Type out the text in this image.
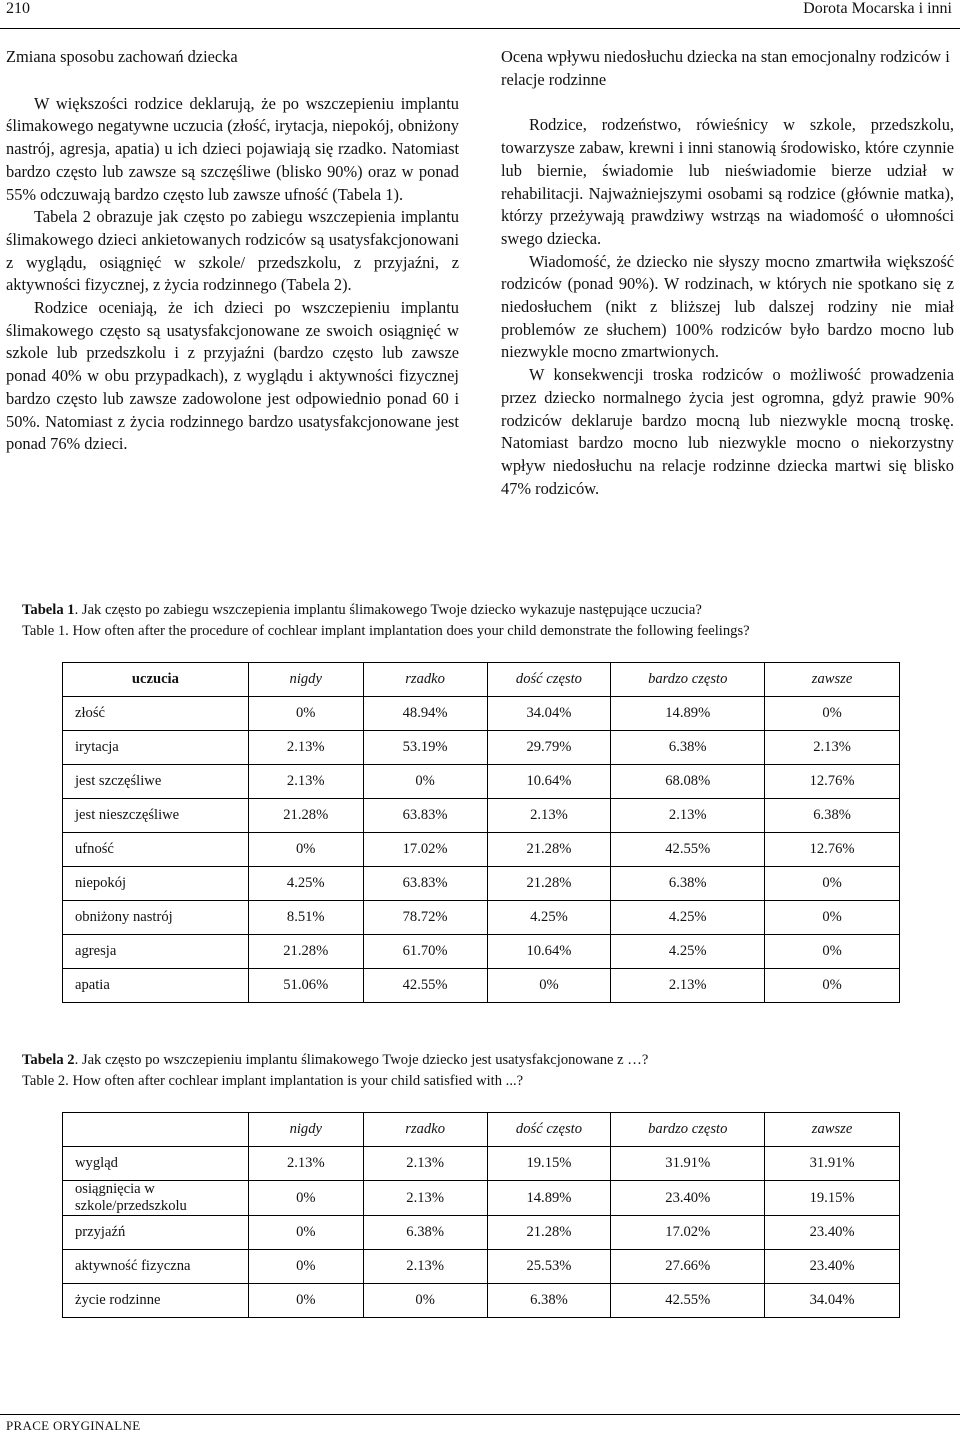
210	Dorota Mocarska i inni
Zmiana sposobu zachowań dziecka

W większości rodzice deklarują, że po wszczepieniu implantu ślimakowego negatywne uczucia (złość, irytacja, niepokój, obniżony nastrój, agresja, apatia) u ich dzieci pojawiają się rzadko. Natomiast bardzo często lub zawsze są szczęśliwe (blisko 90%) oraz w ponad 55% odczuwają bardzo często lub zawsze ufność (Tabela 1).

Tabela 2 obrazuje jak często po zabiegu wszczepienia implantu ślimakowego dzieci ankietowanych rodziców są usatysfakcjonowani z wyglądu, osiągnięć w szkole/ przedszkolu, z przyjaźni, z aktywności fizycznej, z życia rodzinnego (Tabela 2).

Rodzice oceniają, że ich dzieci po wszczepieniu implantu ślimakowego często są usatysfakcjonowane ze swoich osiągnięć w szkole lub przedszkolu i z przyjaźni (bardzo często lub zawsze ponad 40% w obu przypadkach), z wyglądu i aktywności fizycznej bardzo często lub zawsze zadowolone jest odpowiednio ponad 60 i 50%. Natomiast z życia rodzinnego bardzo usatysfakcjonowane jest ponad 76% dzieci.

Ocena wpływu niedosłuchu dziecka na stan emocjonalny rodziców i relacje rodzinne

Rodzice, rodzeństwo, rówieśnicy w szkole, przedszkolu, towarzysze zabaw, krewni i inni stanowią środowisko, które czynnie lub biernie, świadomie lub nieświadomie bierze udział w rehabilitacji. Najważniejszymi osobami są rodzice (głównie matka), którzy przeżywają prawdziwy wstrząs na wiadomość o ułomności swego dziecka.

Wiadomość, że dziecko nie słyszy mocno zmartwiła większość rodziców (ponad 90%). W rodzinach, w których nie spotkano się z niedosłuchem (nikt z bliższej lub dalszej rodziny nie miał problemów ze słuchem) 100% rodziców było bardzo mocno lub niezwykle mocno zmartwionych.

W konsekwencji troska rodziców o możliwość prowadzenia przez dziecko normalnego życia jest ogromna, gdyż prawie 90% rodziców deklaruje bardzo mocną lub niezwykle mocną troskę. Natomiast bardzo mocno lub niezwykle mocno o niekorzystny wpływ niedosłuchu na relacje rodzinne dziecka martwi się blisko 47% rodziców.

Tabela 1. Jak często po zabiegu wszczepienia implantu ślimakowego Twoje dziecko wykazuje następujące uczucia?
Table 1. How often after the procedure of cochlear implant implantation does your child demonstrate the following feelings?
uczucia	nigdy	rzadko	dość często	bardzo często	zawsze
złość	0%	48.94%	34.04%	14.89%	0%
irytacja	2.13%	53.19%	29.79%	6.38%	2.13%
jest szczęśliwe	2.13%	0%	10.64%	68.08%	12.76%
jest nieszczęśliwe	21.28%	63.83%	2.13%	2.13%	6.38%
ufność	0%	17.02%	21.28%	42.55%	12.76%
niepokój	4.25%	63.83%	21.28%	6.38%	0%
obniżony nastrój	8.51%	78.72%	4.25%	4.25%	0%
agresja	21.28%	61.70%	10.64%	4.25%	0%
apatia	51.06%	42.55%	0%	2.13%	0%
Tabela 2. Jak często po wszczepieniu implantu ślimakowego Twoje dziecko jest usatysfakcjonowane z …?
Table 2. How often after cochlear implant implantation is your child satisfied with ...?
	nigdy	rzadko	dość często	bardzo często	zawsze
wygląd	2.13%	2.13%	19.15%	31.91%	31.91%
osiągnięcia w szkole/przedszkolu	0%	2.13%	14.89%	23.40%	19.15%
przyjaźń	0%	6.38%	21.28%	17.02%	23.40%
aktywność fizyczna	0%	2.13%	25.53%	27.66%	23.40%
życie rodzinne	0%	0%	6.38%	42.55%	34.04%
PRACE ORYGINALNE
